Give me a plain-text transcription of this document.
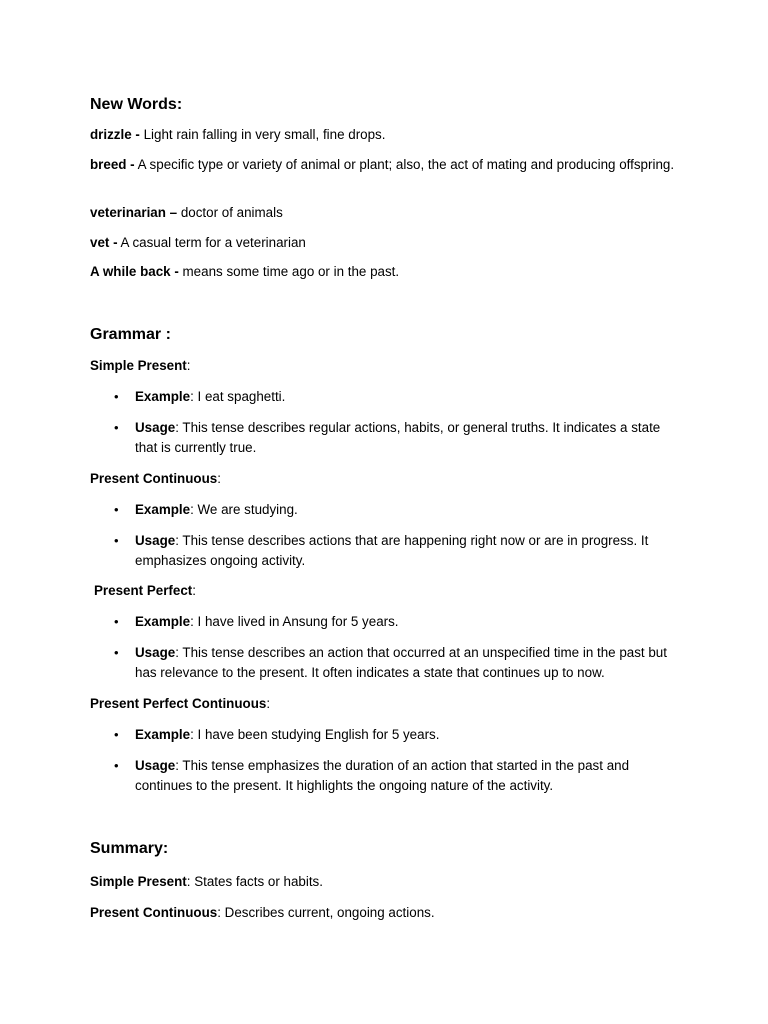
New Words:
drizzle - Light rain falling in very small, fine drops.
breed - A specific type or variety of animal or plant; also, the act of mating and producing offspring.
veterinarian – doctor of animals
vet - A casual term for a veterinarian
A while back - means some time ago or in the past.
Grammar :
Simple Present:
• Example: I eat spaghetti.
• Usage: This tense describes regular actions, habits, or general truths. It indicates a state that is currently true.
Present Continuous:
• Example: We are studying.
• Usage: This tense describes actions that are happening right now or are in progress. It emphasizes ongoing activity.
Present Perfect:
• Example: I have lived in Ansung for 5 years.
• Usage: This tense describes an action that occurred at an unspecified time in the past but has relevance to the present. It often indicates a state that continues up to now.
Present Perfect Continuous:
• Example: I have been studying English for 5 years.
• Usage: This tense emphasizes the duration of an action that started in the past and continues to the present. It highlights the ongoing nature of the activity.
Summary:
Simple Present: States facts or habits.
Present Continuous: Describes current, ongoing actions.
